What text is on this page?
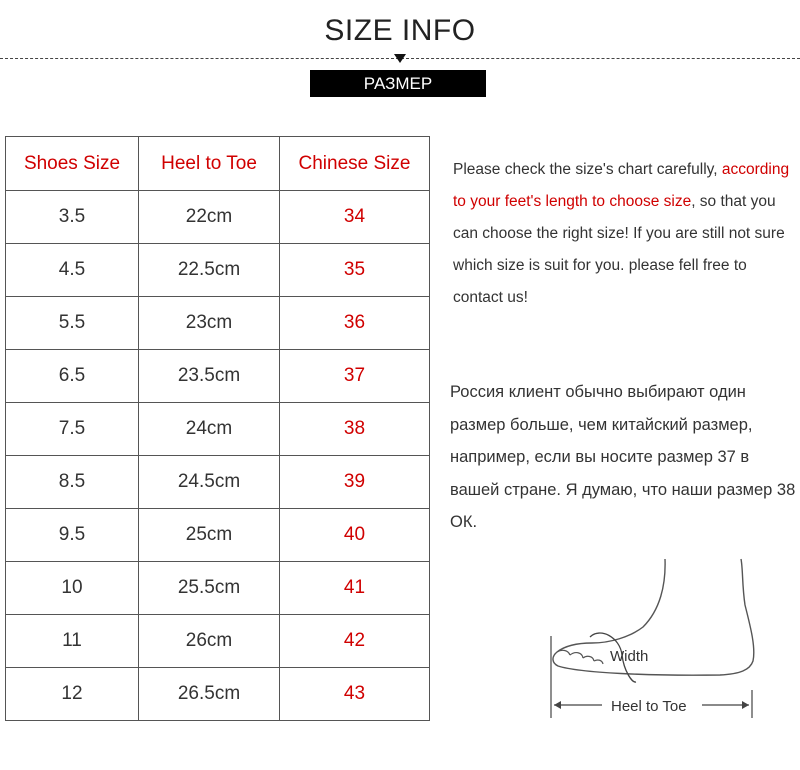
SIZE INFO
РАЗМЕР
Shoes Size	Heel to Toe	Chinese Size
3.5	22cm	34
4.5	22.5cm	35
5.5	23cm	36
6.5	23.5cm	37
7.5	24cm	38
8.5	24.5cm	39
9.5	25cm	40
10	25.5cm	41
11	26cm	42
12	26.5cm	43
Please check the size's chart carefully, according to your feet's length to choose size, so that you can choose the right size! If you are still not sure which size is suit for you. please fell free to contact us!
Россия клиент обычно выбирают один размер больше, чем китайский размер, например, если вы носите размер 37 в вашей стране. Я думаю, что наши размер 38 ОК.
Width
Heel to Toe
